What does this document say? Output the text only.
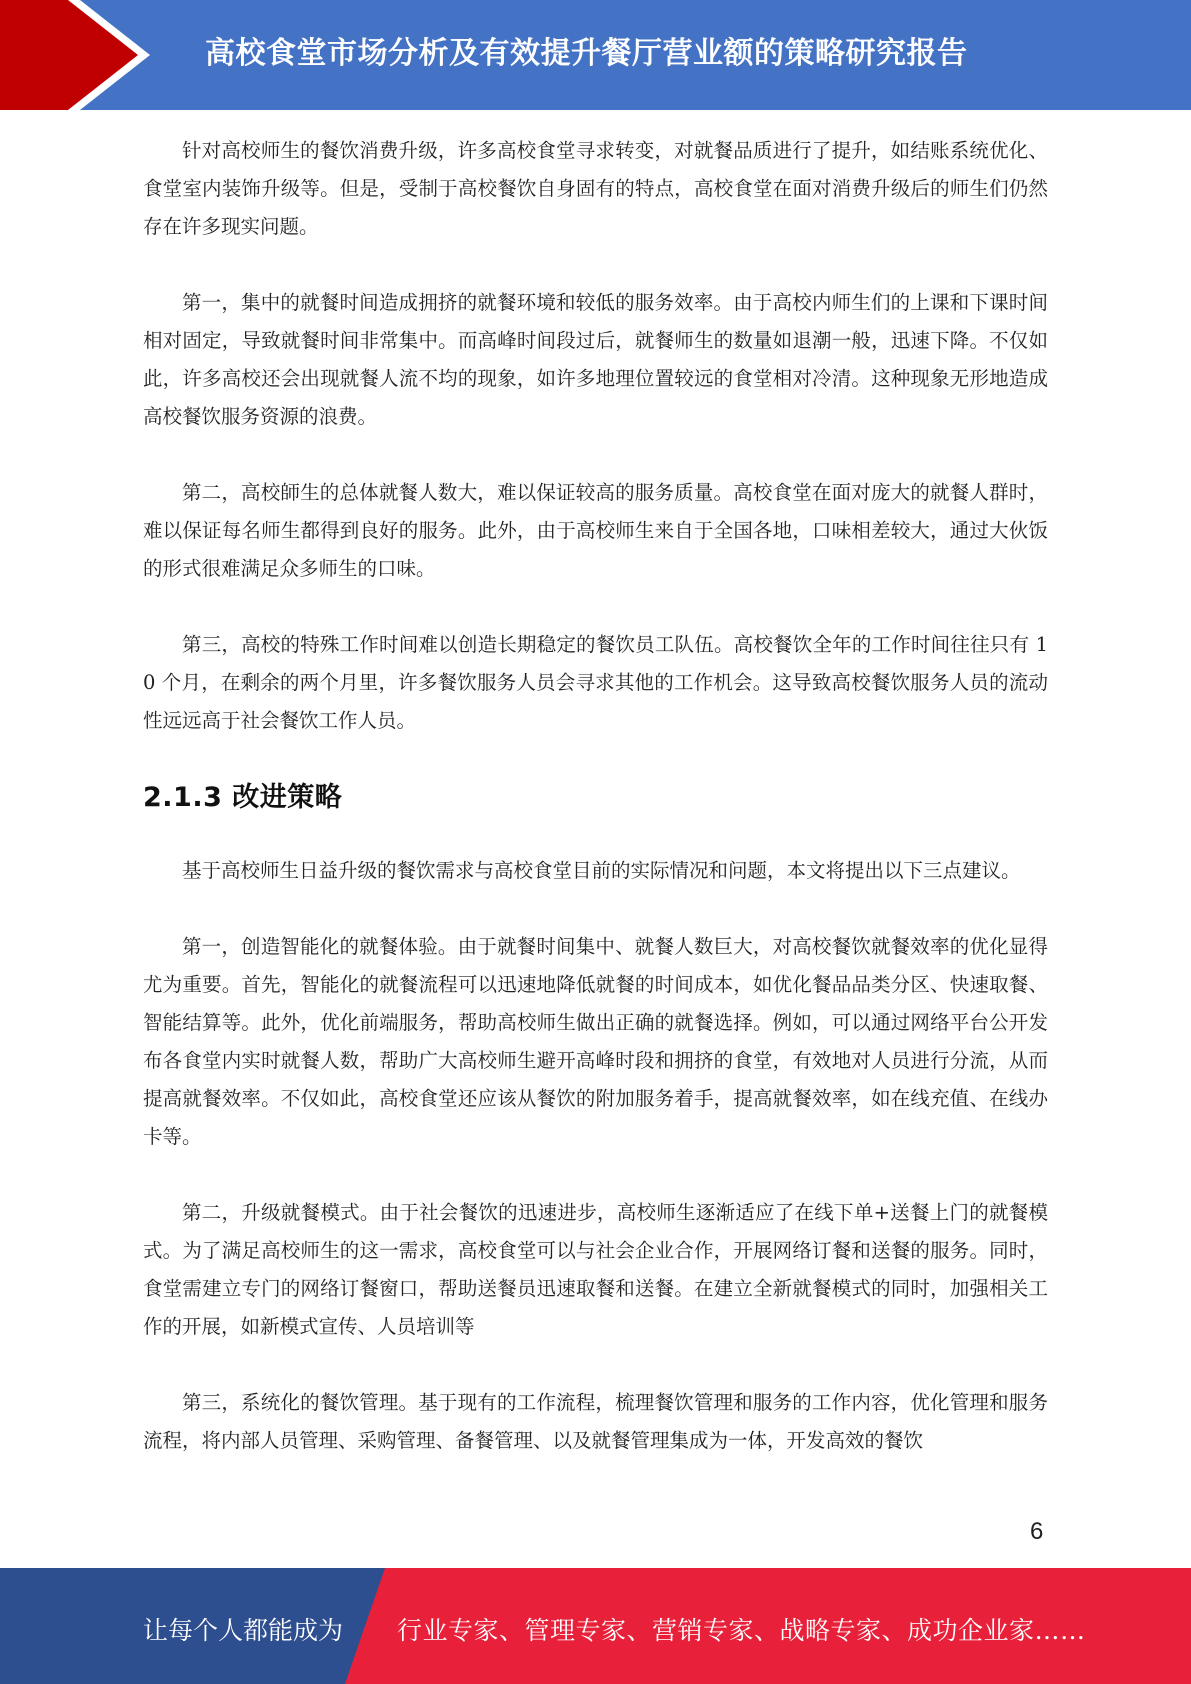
高校食堂市场分析及有效提升餐厅营业额的策略研究报告

针对高校师生的餐饮消费升级，许多高校食堂寻求转变，对就餐品质进行了提升，如结账系统优化、食堂室内装饰升级等。但是，受制于高校餐饮自身固有的特点，高校食堂在面对消费升级后的师生们仍然存在许多现实问题。

第一，集中的就餐时间造成拥挤的就餐环境和较低的服务效率。由于高校内师生们的上课和下课时间相对固定，导致就餐时间非常集中。而高峰时间段过后，就餐师生的数量如退潮一般，迅速下降。不仅如此，许多高校还会出现就餐人流不均的现象，如许多地理位置较远的食堂相对冷清。这种现象无形地造成高校餐饮服务资源的浪费。

第二，高校師生的总体就餐人数大，难以保证较高的服务质量。高校食堂在面对庞大的就餐人群时，难以保证每名师生都得到良好的服务。此外，由于高校师生来自于全国各地，口味相差较大，通过大伙饭的形式很难满足众多师生的口味。

第三，高校的特殊工作时间难以创造长期稳定的餐饮员工队伍。高校餐饮全年的工作时间往往只有 10 个月，在剩余的两个月里，许多餐饮服务人员会寻求其他的工作机会。这导致高校餐饮服务人员的流动性远远高于社会餐饮工作人员。

2.1.3 改进策略

基于高校师生日益升级的餐饮需求与高校食堂目前的实际情况和问题，本文将提出以下三点建议。

第一，创造智能化的就餐体验。由于就餐时间集中、就餐人数巨大，对高校餐饮就餐效率的优化显得尤为重要。首先，智能化的就餐流程可以迅速地降低就餐的时间成本，如优化餐品品类分区、快速取餐、智能结算等。此外，优化前端服务，帮助高校师生做出正确的就餐选择。例如，可以通过网络平台公开发布各食堂内实时就餐人数，帮助广大高校师生避开高峰时段和拥挤的食堂，有效地对人员进行分流，从而提高就餐效率。不仅如此，高校食堂还应该从餐饮的附加服务着手，提高就餐效率，如在线充值、在线办卡等。

第二，升级就餐模式。由于社会餐饮的迅速进步，高校师生逐渐适应了在线下单+送餐上门的就餐模式。为了满足高校师生的这一需求，高校食堂可以与社会企业合作，开展网络订餐和送餐的服务。同时，食堂需建立专门的网络订餐窗口，帮助送餐员迅速取餐和送餐。在建立全新就餐模式的同时，加强相关工作的开展，如新模式宣传、人员培训等

第三，系统化的餐饮管理。基于现有的工作流程，梳理餐饮管理和服务的工作内容，优化管理和服务流程，将内部人员管理、采购管理、备餐管理、以及就餐管理集成为一体，开发高效的餐饮

6
让每个人都能成为 行业专家、管理专家、营销专家、战略专家、成功企业家……
